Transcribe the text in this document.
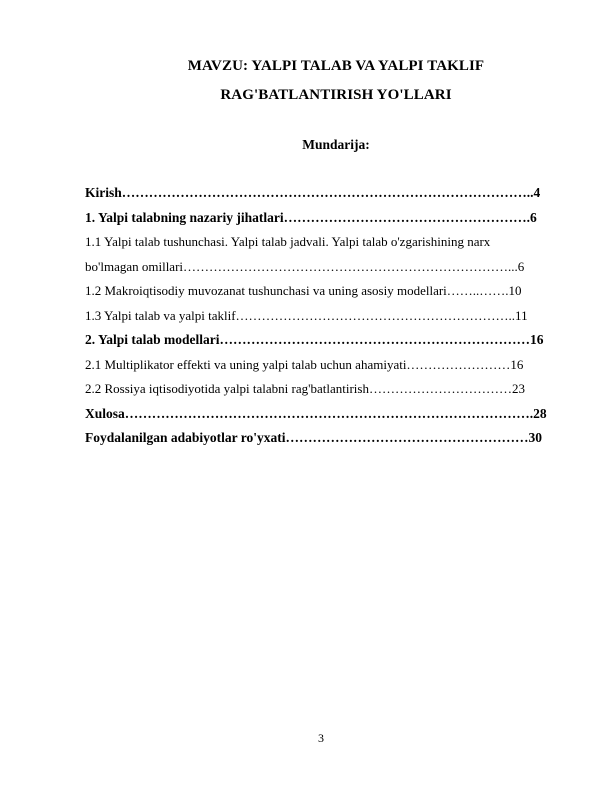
MAVZU: YALPI TALAB VA YALPI TAKLIF
RAG'BATLANTIRISH YO'LLARI
Mundarija:
Kirish………………………………………………………………………………..4
1. Yalpi talabning nazariy jihatlari……………………………………………….6
1.1 Yalpi talab tushunchasi. Yalpi talab jadvali. Yalpi talab o'zgarishining narx
bo'lmagan omillari…………………………………………………………………...6
1.2 Makroiqtisodiy muvozanat tushunchasi va uning asosiy modellari……..…….10
1.3 Yalpi talab va yalpi taklif………………………………………………………..11
2. Yalpi talab modellari……………………………………………………………16
2.1 Multiplikator effekti va uning yalpi talab uchun ahamiyati……………………16
2.2 Rossiya iqtisodiyotida yalpi talabni rag'batlantirish……………………………23
Xulosa……………………………………………………………………………….28
Foydalanilgan adabiyotlar ro'yxati………………………………………………30
3
